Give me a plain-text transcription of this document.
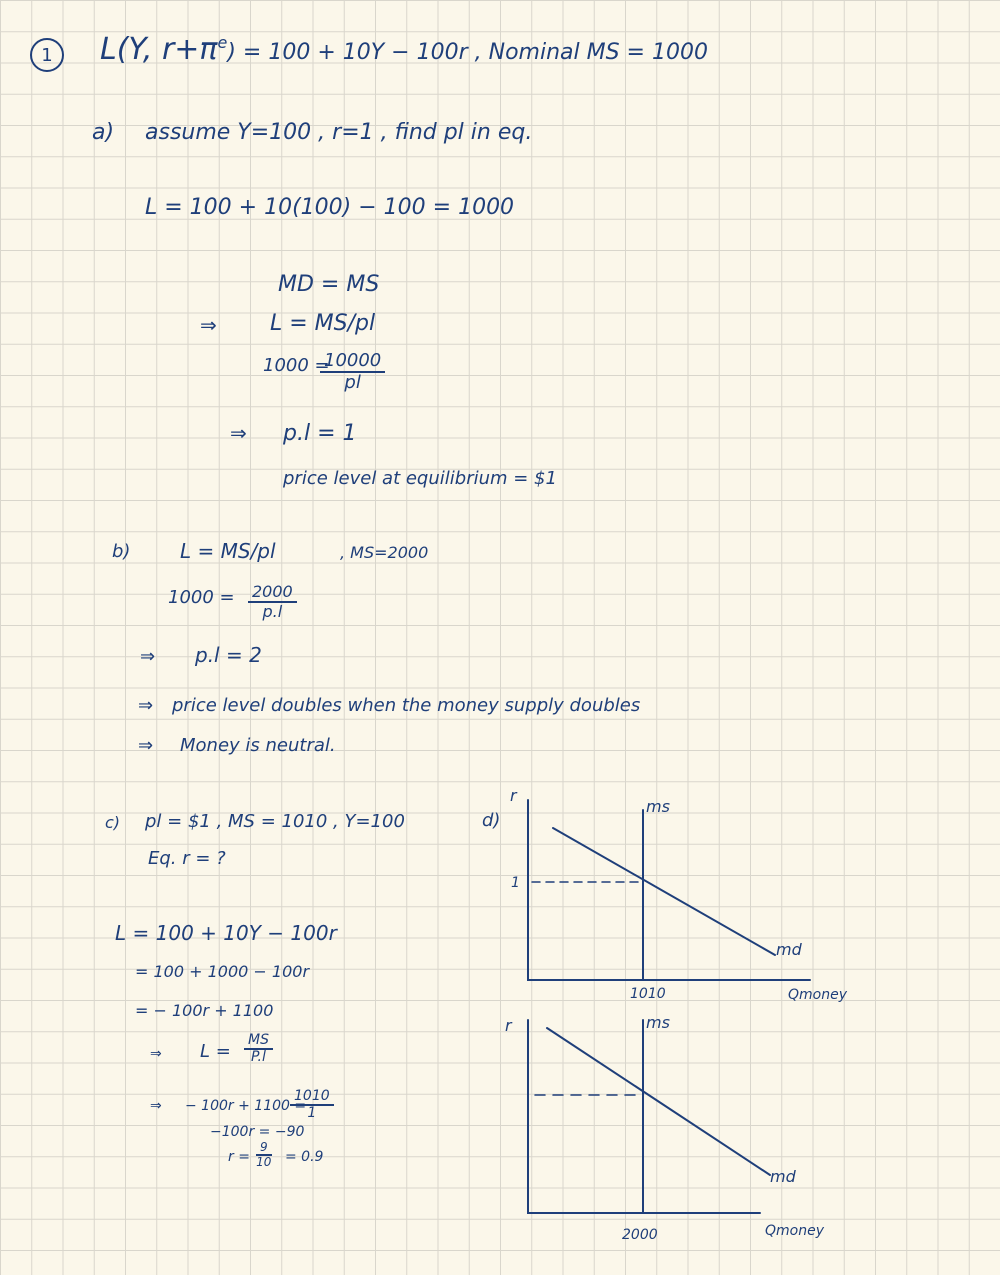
1	L(Y, $r+\pi^e) = 100 + 10Y - 100r$ , Nominal MS = 1000
a) assume Y=100 , r=1 , find pl in eq.
L = 100 + 10(100) − 100 = 1000
MD = MS
⇒ L = MS/pl
1000 =
$\frac{10000}{pl}$
⇒ p.l = 1
price level at equilibrium = $1
b) L = MS/pl	, MS=2000
$1000 = \frac{2000}{p.l}$
⇒ p.l = 2
⇒ price level doubles when the money supply doubles
⇒ Money is neutral.
c) pl = $1 , MS = 1010 , Y=100
Eq. r = ?
L = 100 + 10Y − 100r
= 100 + 1000 − 100r
= − 100r + 1100
⇒ $L = \frac{MS}{P.l}$
⇒ − 100r + 1100 =
$\frac{1010}{1}$
−100r = −90
$r = \frac{9}{10} = 0.9$
d)
r
ms
md
1
1010	Qmoney
r	ms
md
2000	Qmoney
